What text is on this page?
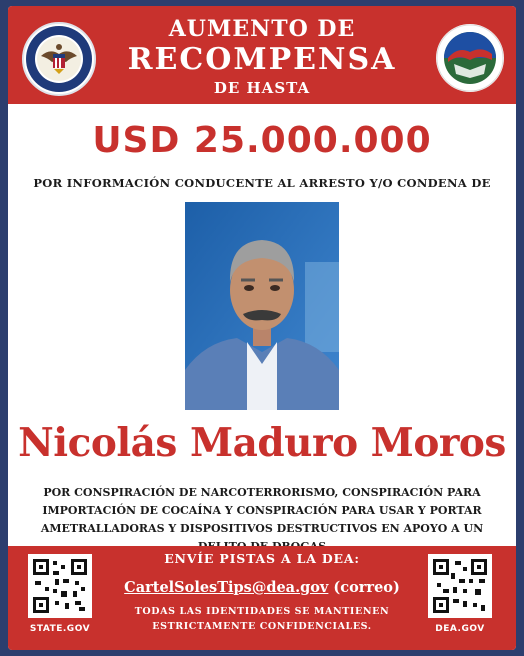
AUMENTO DE
RECOMPENSA
DE HASTA
USD 25.000.000
POR INFORMACIÓN CONDUCENTE AL ARRESTO Y/O CONDENA DE
Nicolás Maduro Moros
POR CONSPIRACIÓN DE NARCOTERRORISMO, CONSPIRACIÓN PARA IMPORTACIÓN DE COCAÍNA Y CONSPIRACIÓN PARA USAR Y PORTAR AMETRALLADORAS Y DISPOSITIVOS DESTRUCTIVOS EN APOYO A UN
STATE.GOV	DEA.GOV
ENVÍE PISTAS A LA DEA:
CartelSolesTips@dea.gov (correo)
TODAS LAS IDENTIDADES SE MANTIENEN
ESTRICTAMENTE CONFIDENCIALES.
